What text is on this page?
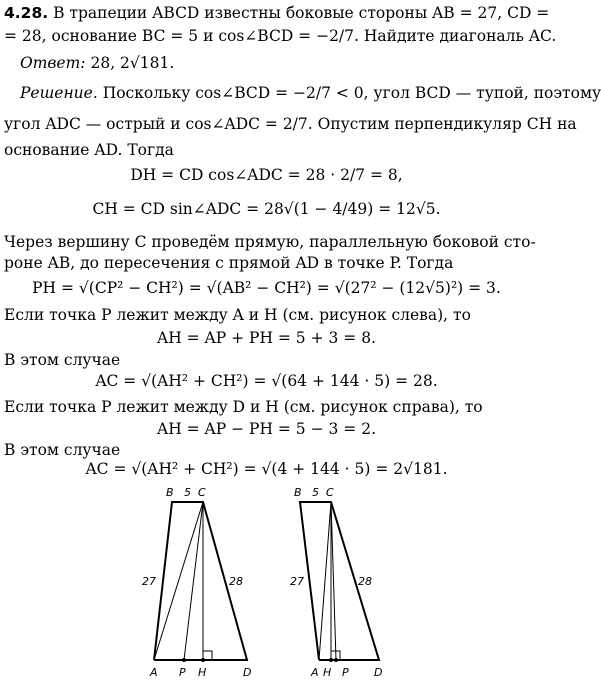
4.28. В трапеции ABCD известны боковые стороны AB = 27, CD =
= 28, основание BC = 5 и cos∠BCD = −2/7. Найдите диагональ AC.
Ответ: 28, 2√181.
Решение. Поскольку cos∠BCD = −2/7 < 0, угол BCD — тупой, поэтому
угол ADC — острый и cos∠ADC = 2/7. Опустим перпендикуляр CH на
основание AD. Тогда
DH = CD cos∠ADC = 28 · 2/7 = 8,
CH = CD sin∠ADC = 28√(1 − 4/49) = 12√5.
Через вершину C проведём прямую, параллельную боковой сто-
роне AB, до пересечения с прямой AD в точке P. Тогда
PH = √(CP² − CH²) = √(AB² − CH²) = √(27² − (12√5)²) = 3.
Если точка P лежит между A и H (см. рисунок слева), то
AH = AP + PH = 5 + 3 = 8.
В этом случае
AC = √(AH² + CH²) = √(64 + 144 · 5) = 28.
Если точка P лежит между D и H (см. рисунок справа), то
AH = AP − PH = 5 − 3 = 2.
В этом случае
AC = √(AH² + CH²) = √(4 + 144 · 5) = 2√181.
B 5 C
27	28
A P H	D
B 5 C
27	28
A H P D
